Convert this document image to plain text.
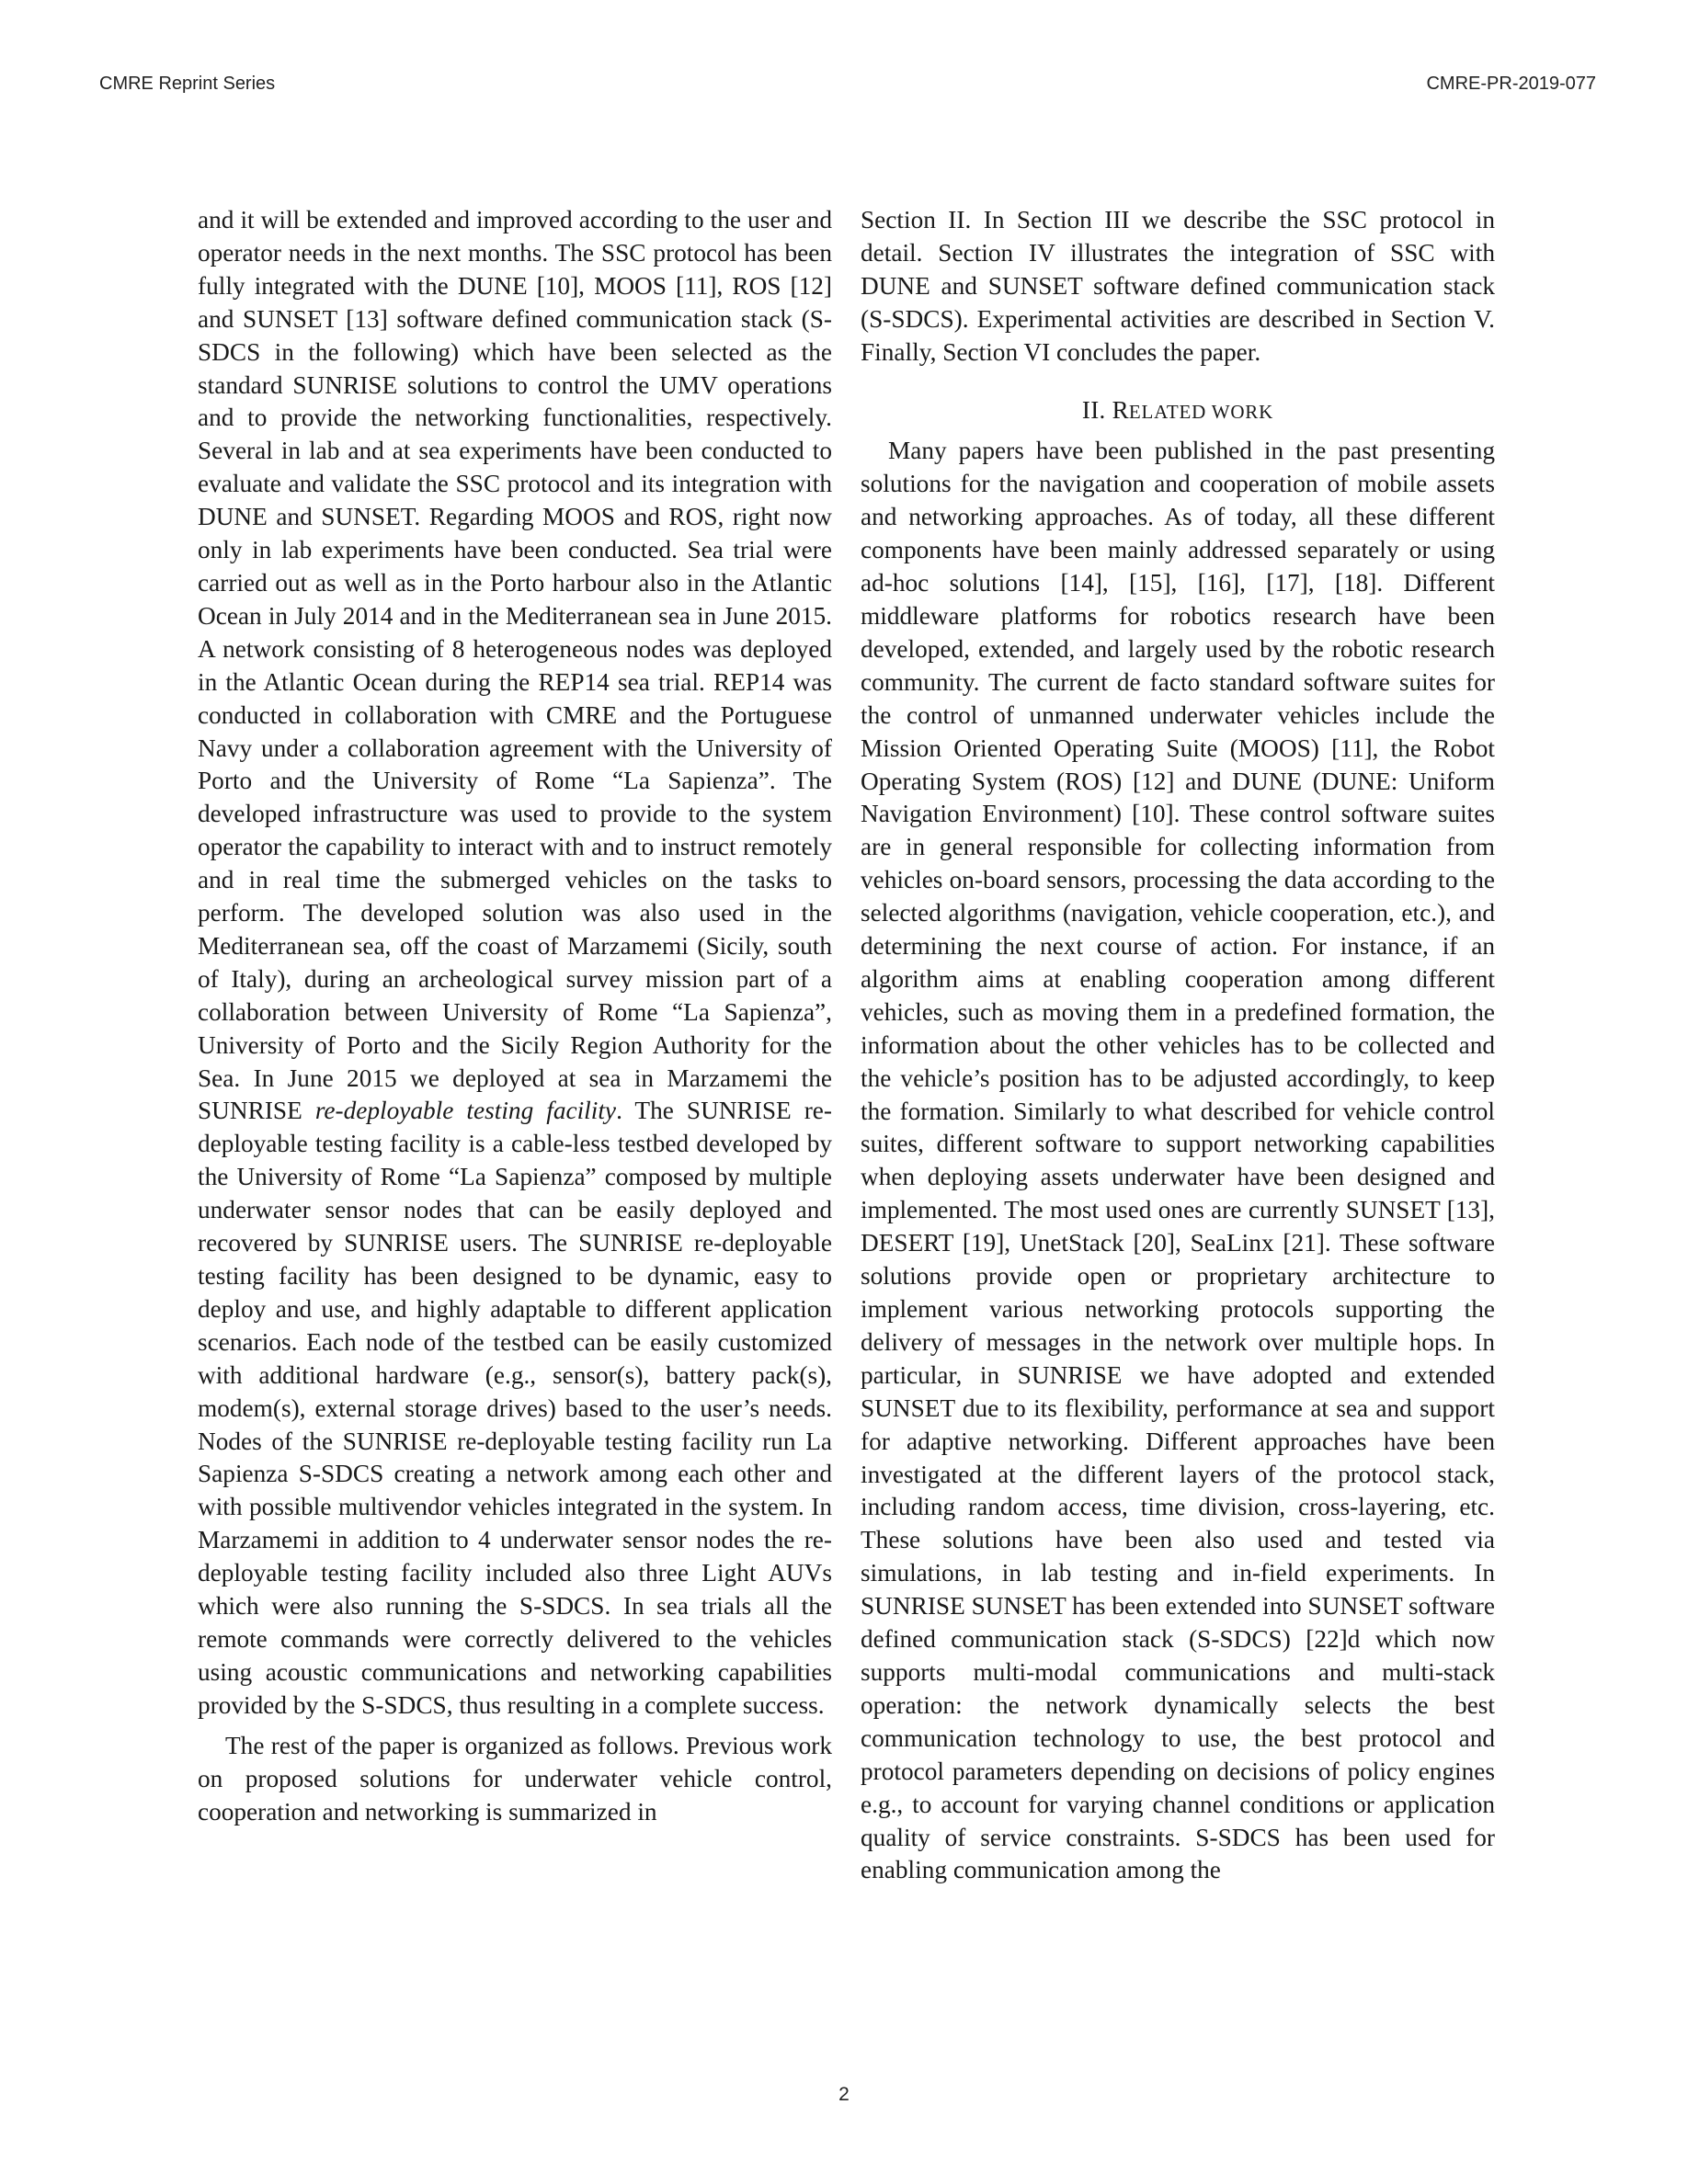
CMRE Reprint Series	CMRE-PR-2019-077

and it will be extended and improved according to the user and operator needs in the next months. The SSC protocol has been fully integrated with the DUNE [10], MOOS [11], ROS [12] and SUNSET [13] software defined communication stack (S-SDCS in the following) which have been selected as the standard SUNRISE solutions to control the UMV operations and to provide the networking functionalities, respectively. Several in lab and at sea experiments have been conducted to evaluate and validate the SSC protocol and its integration with DUNE and SUNSET. Regarding MOOS and ROS, right now only in lab experiments have been conducted. Sea trial were carried out as well as in the Porto harbour also in the Atlantic Ocean in July 2014 and in the Mediterranean sea in June 2015. A network consisting of 8 heterogeneous nodes was deployed in the Atlantic Ocean during the REP14 sea trial. REP14 was conducted in collaboration with CMRE and the Portuguese Navy under a collaboration agreement with the University of Porto and the University of Rome “La Sapienza”. The developed infrastructure was used to provide to the system operator the capability to interact with and to instruct remotely and in real time the submerged vehicles on the tasks to perform. The developed solution was also used in the Mediterranean sea, off the coast of Marzamemi (Sicily, south of Italy), during an archeological survey mission part of a collaboration between University of Rome “La Sapienza”, University of Porto and the Sicily Region Authority for the Sea. In June 2015 we deployed at sea in Marzamemi the SUNRISE re-deployable testing facility. The SUNRISE re-deployable testing facility is a cable-less testbed developed by the University of Rome “La Sapienza” composed by multiple underwater sensor nodes that can be easily deployed and recovered by SUNRISE users. The SUNRISE re-deployable testing facility has been designed to be dynamic, easy to deploy and use, and highly adaptable to different application scenarios. Each node of the testbed can be easily customized with additional hardware (e.g., sensor(s), battery pack(s), modem(s), external storage drives) based to the user’s needs. Nodes of the SUNRISE re-deployable testing facility run La Sapienza S-SDCS creating a network among each other and with possible multivendor vehicles integrated in the system. In Marzamemi in addition to 4 underwater sensor nodes the re-deployable testing facility included also three Light AUVs which were also running the S-SDCS. In sea trials all the remote commands were correctly delivered to the vehicles using acoustic communications and networking capabilities provided by the S-SDCS, thus resulting in a complete success.

The rest of the paper is organized as follows. Previous work on proposed solutions for underwater vehicle control, cooperation and networking is summarized in

Section II. In Section III we describe the SSC protocol in detail. Section IV illustrates the integration of SSC with DUNE and SUNSET software defined communication stack (S-SDCS). Experimental activities are described in Section V. Finally, Section VI concludes the paper.

II. RELATED WORK

Many papers have been published in the past presenting solutions for the navigation and cooperation of mobile assets and networking approaches. As of today, all these different components have been mainly addressed separately or using ad-hoc solutions [14], [15], [16], [17], [18]. Different middleware platforms for robotics research have been developed, extended, and largely used by the robotic research community. The current de facto standard software suites for the control of unmanned underwater vehicles include the Mission Oriented Operating Suite (MOOS) [11], the Robot Operating System (ROS) [12] and DUNE (DUNE: Uniform Navigation Environment) [10]. These control software suites are in general responsible for collecting information from vehicles on-board sensors, processing the data according to the selected algorithms (navigation, vehicle cooperation, etc.), and determining the next course of action. For instance, if an algorithm aims at enabling cooperation among different vehicles, such as moving them in a predefined formation, the information about the other vehicles has to be collected and the vehicle’s position has to be adjusted accordingly, to keep the formation. Similarly to what described for vehicle control suites, different software to support networking capabilities when deploying assets underwater have been designed and implemented. The most used ones are currently SUNSET [13], DESERT [19], UnetStack [20], SeaLinx [21]. These software solutions provide open or proprietary architecture to implement various networking protocols supporting the delivery of messages in the network over multiple hops. In particular, in SUNRISE we have adopted and extended SUNSET due to its flexibility, performance at sea and support for adaptive networking. Different approaches have been investigated at the different layers of the protocol stack, including random access, time division, cross-layering, etc. These solutions have been also used and tested via simulations, in lab testing and in-field experiments. In SUNRISE SUNSET has been extended into SUNSET software defined communication stack (S-SDCS) [22]d which now supports multi-modal communications and multi-stack operation: the network dynamically selects the best communication technology to use, the best protocol and protocol parameters depending on decisions of policy engines e.g., to account for varying channel conditions or application quality of service constraints. S-SDCS has been used for enabling communication among the

2
